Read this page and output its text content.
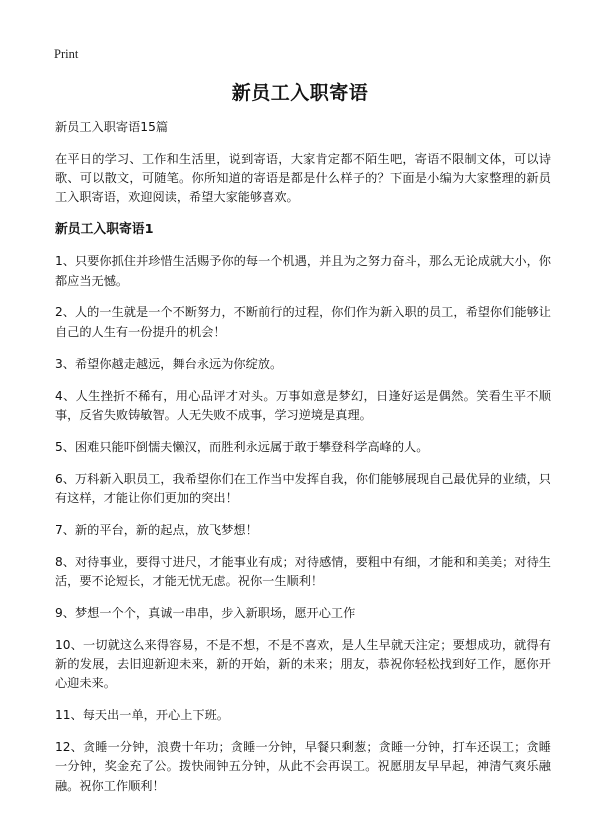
Print
新员工入职寄语

新员工入职寄语15篇

在平日的学习、工作和生活里，说到寄语，大家肯定都不陌生吧，寄语不限制文体，可以诗歌、可以散文，可随笔。你所知道的寄语是都是什么样子的？下面是小编为大家整理的新员工入职寄语，欢迎阅读，希望大家能够喜欢。

新员工入职寄语1

1、只要你抓住并珍惜生活赐予你的每一个机遇，并且为之努力奋斗，那么无论成就大小，你都应当无憾。

2、人的一生就是一个不断努力，不断前行的过程，你们作为新入职的员工，希望你们能够让自己的人生有一份提升的机会！

3、希望你越走越远，舞台永远为你绽放。

4、人生挫折不稀有，用心品评才对头。万事如意是梦幻，日逢好运是偶然。笑看生平不顺事，反省失败铸敏智。人无失败不成事，学习逆境是真理。

5、困难只能吓倒懦夫懒汉，而胜利永远属于敢于攀登科学高峰的人。

6、万科新入职员工，我希望你们在工作当中发挥自我，你们能够展现自己最优异的业绩，只有这样，才能让你们更加的突出！

7、新的平台，新的起点，放飞梦想！

8、对待事业，要得寸进尺，才能事业有成；对待感情，要粗中有细，才能和和美美；对待生活，要不论短长，才能无忧无虑。祝你一生顺利！

9、梦想一个个，真诚一串串，步入新职场，愿开心工作

10、一切就这么来得容易，不是不想，不是不喜欢，是人生早就天注定；要想成功，就得有新的发展，去旧迎新迎未来，新的开始，新的未来；朋友，恭祝你轻松找到好工作，愿你开心迎未来。

11、每天出一单，开心上下班。

12、贪睡一分钟，浪费十年功；贪睡一分钟，早餐只剩葱；贪睡一分钟，打车还误工；贪睡一分钟，奖金充了公。拨快闹钟五分钟，从此不会再误工。祝愿朋友早早起，神清气爽乐融融。祝你工作顺利！
